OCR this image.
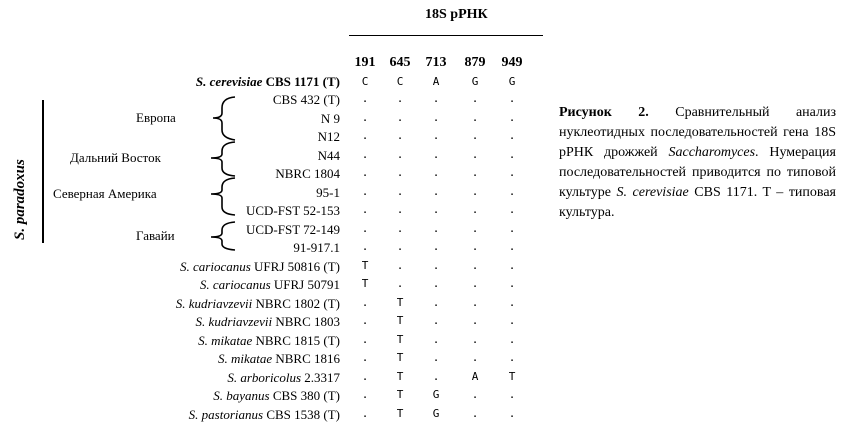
18S рРНК
191	645	713	879	949
S. cerevisiae CBS 1171 (T)	C	C	A	G	G
S. paradoxus
Европа
Дальний Восток
Северная Америка
Гавайи
CBS 432 (T)	.	.	.	.	.
N 9	.	.	.	.	.
N12	.	.	.	.	.
N44	.	.	.	.	.
NBRC 1804	.	.	.	.	.
95-1	.	.	.	.	.
UCD-FST 52-153	.	.	.	.	.
UCD-FST 72-149	.	.	.	.	.
91-917.1	.	.	.	.	.
S. cariocanus UFRJ 50816 (T)	T	.	.	.	.
S. cariocanus UFRJ 50791	T	.	.	.	.
S. kudriavzevii NBRC 1802 (T)	.	T	.	.	.
S. kudriavzevii NBRC 1803	.	T	.	.	.
S. mikatae NBRC 1815 (T)	.	T	.	.	.
S. mikatae NBRC 1816	.	T	.	.	.
S. arboricolus 2.3317	.	T	.	A	T
S. bayanus CBS 380 (T)	.	T	G	.	.
S. pastorianus CBS 1538 (T)	.	T	G	.	.
Рисунок 2. Сравнительный анализ нуклеотидных последовательностей гена 18S рРНК дрожжей Saccharomyces. Нумерация последовательностей приводится по типовой культуре S. cerevisiae CBS 1171. T – типовая культура.
